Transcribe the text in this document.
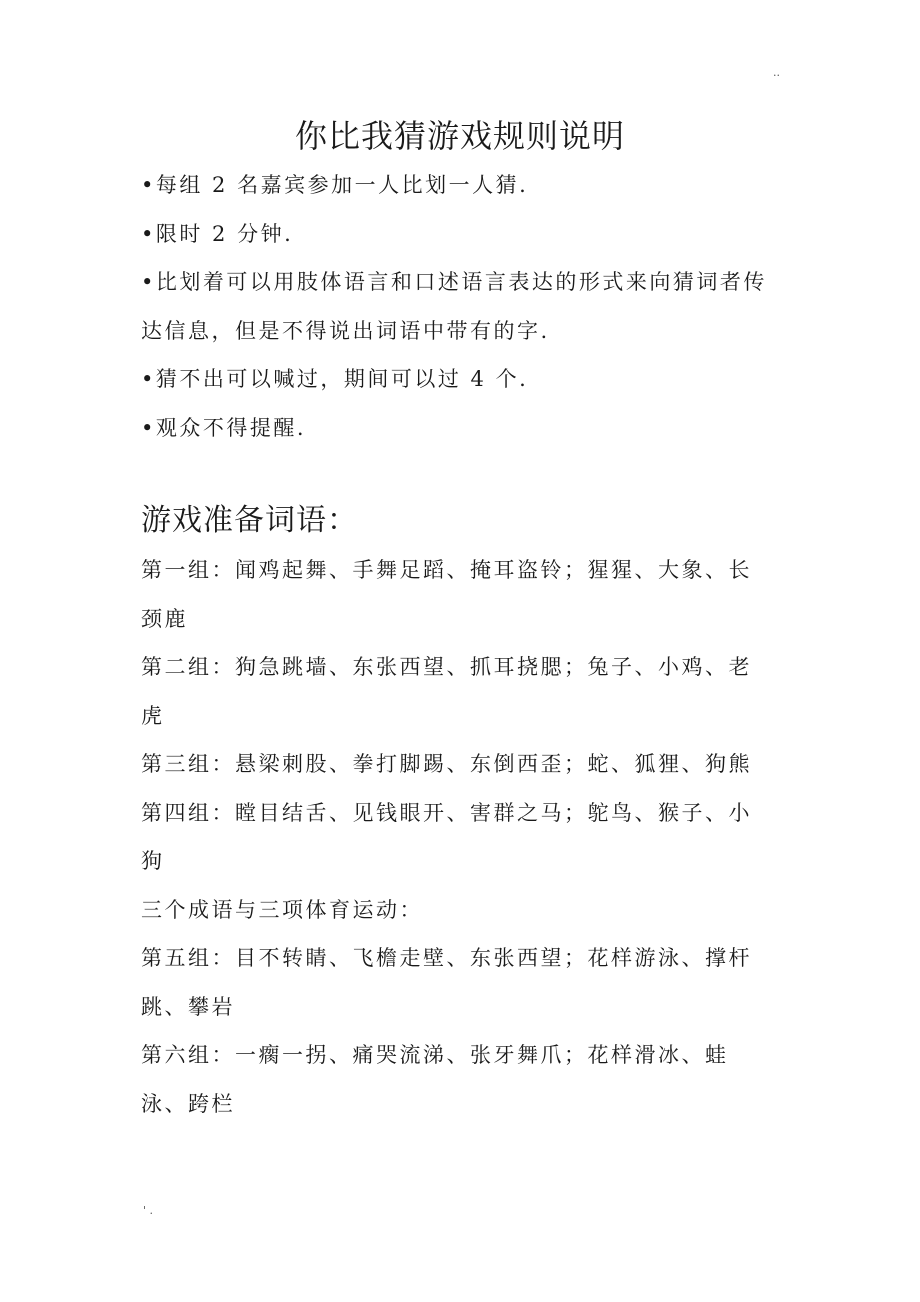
..
你比我猜游戏规则说明
•每组 2 名嘉宾参加一人比划一人猜.
•限时 2 分钟.
•比划着可以用肢体语言和口述语言表达的形式来向猜词者传达信息，但是不得说出词语中带有的字.
•猜不出可以喊过，期间可以过 4 个.
•观众不得提醒.
游戏准备词语：
第一组：闻鸡起舞、手舞足蹈、掩耳盗铃；猩猩、大象、长颈鹿
第二组：狗急跳墙、东张西望、抓耳挠腮；兔子、小鸡、老虎
第三组：悬梁刺股、拳打脚踢、东倒西歪；蛇、狐狸、狗熊
第四组：瞠目结舌、见钱眼开、害群之马；鸵鸟、猴子、小狗
三个成语与三项体育运动：
第五组：目不转睛、飞檐走壁、东张西望；花样游泳、撑杆跳、攀岩
第六组：一瘸一拐、痛哭流涕、张牙舞爪；花样滑冰、蛙泳、跨栏
' .
